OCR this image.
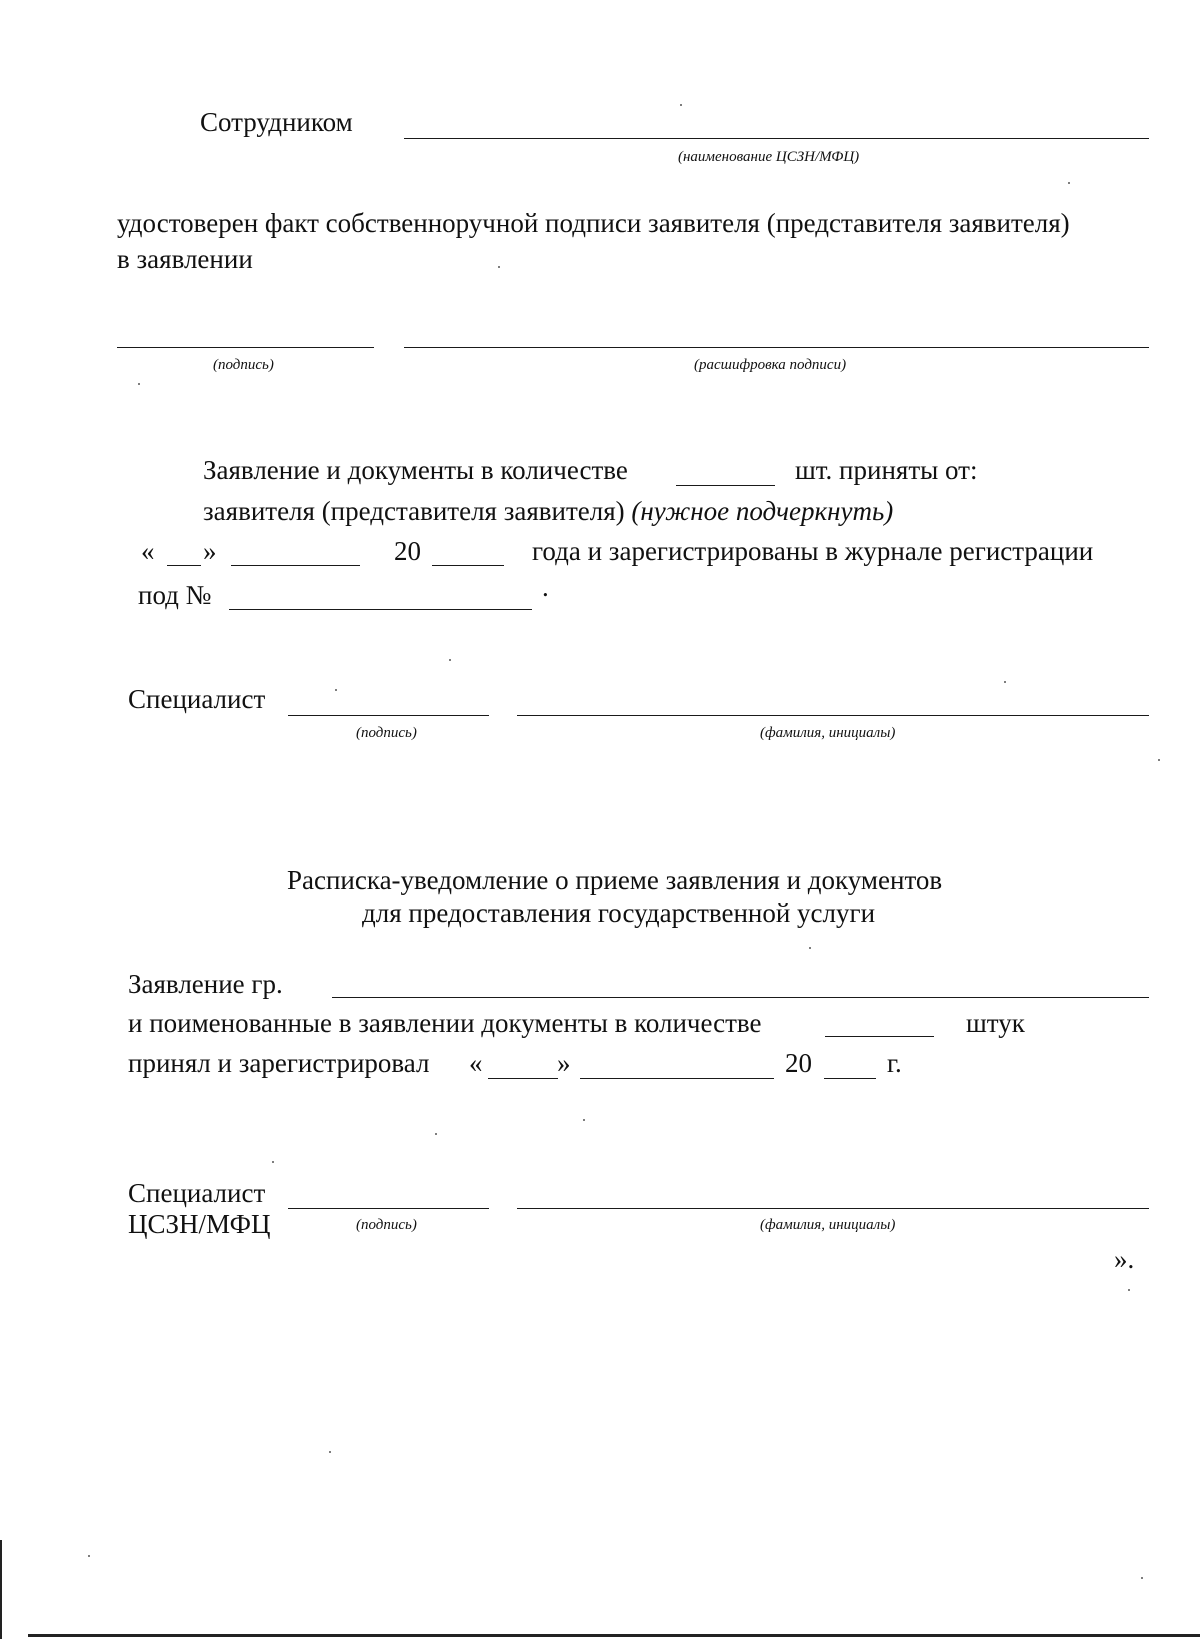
Сотрудником
(наименование ЦСЗН/МФЦ)
удостоверен факт собственноручной подписи заявителя (представителя заявителя)
в заявлении
(подпись)	(расшифровка подписи)
Заявление и документы в количестве	шт. приняты от:
заявителя (представителя заявителя) (нужное подчеркнуть)
« »	20	года и зарегистрированы в журнале регистрации
под №	.
Специалист
(подпись)	(фамилия, инициалы)
Расписка-уведомление о приеме заявления и документов
для предоставления государственной услуги
Заявление гр.
и поименованные в заявлении документы в количестве	штук
принял и зарегистрировал «	»	20	г.
Специалист
ЦСЗН/МФЦ	(подпись)	(фамилия, инициалы)
».
